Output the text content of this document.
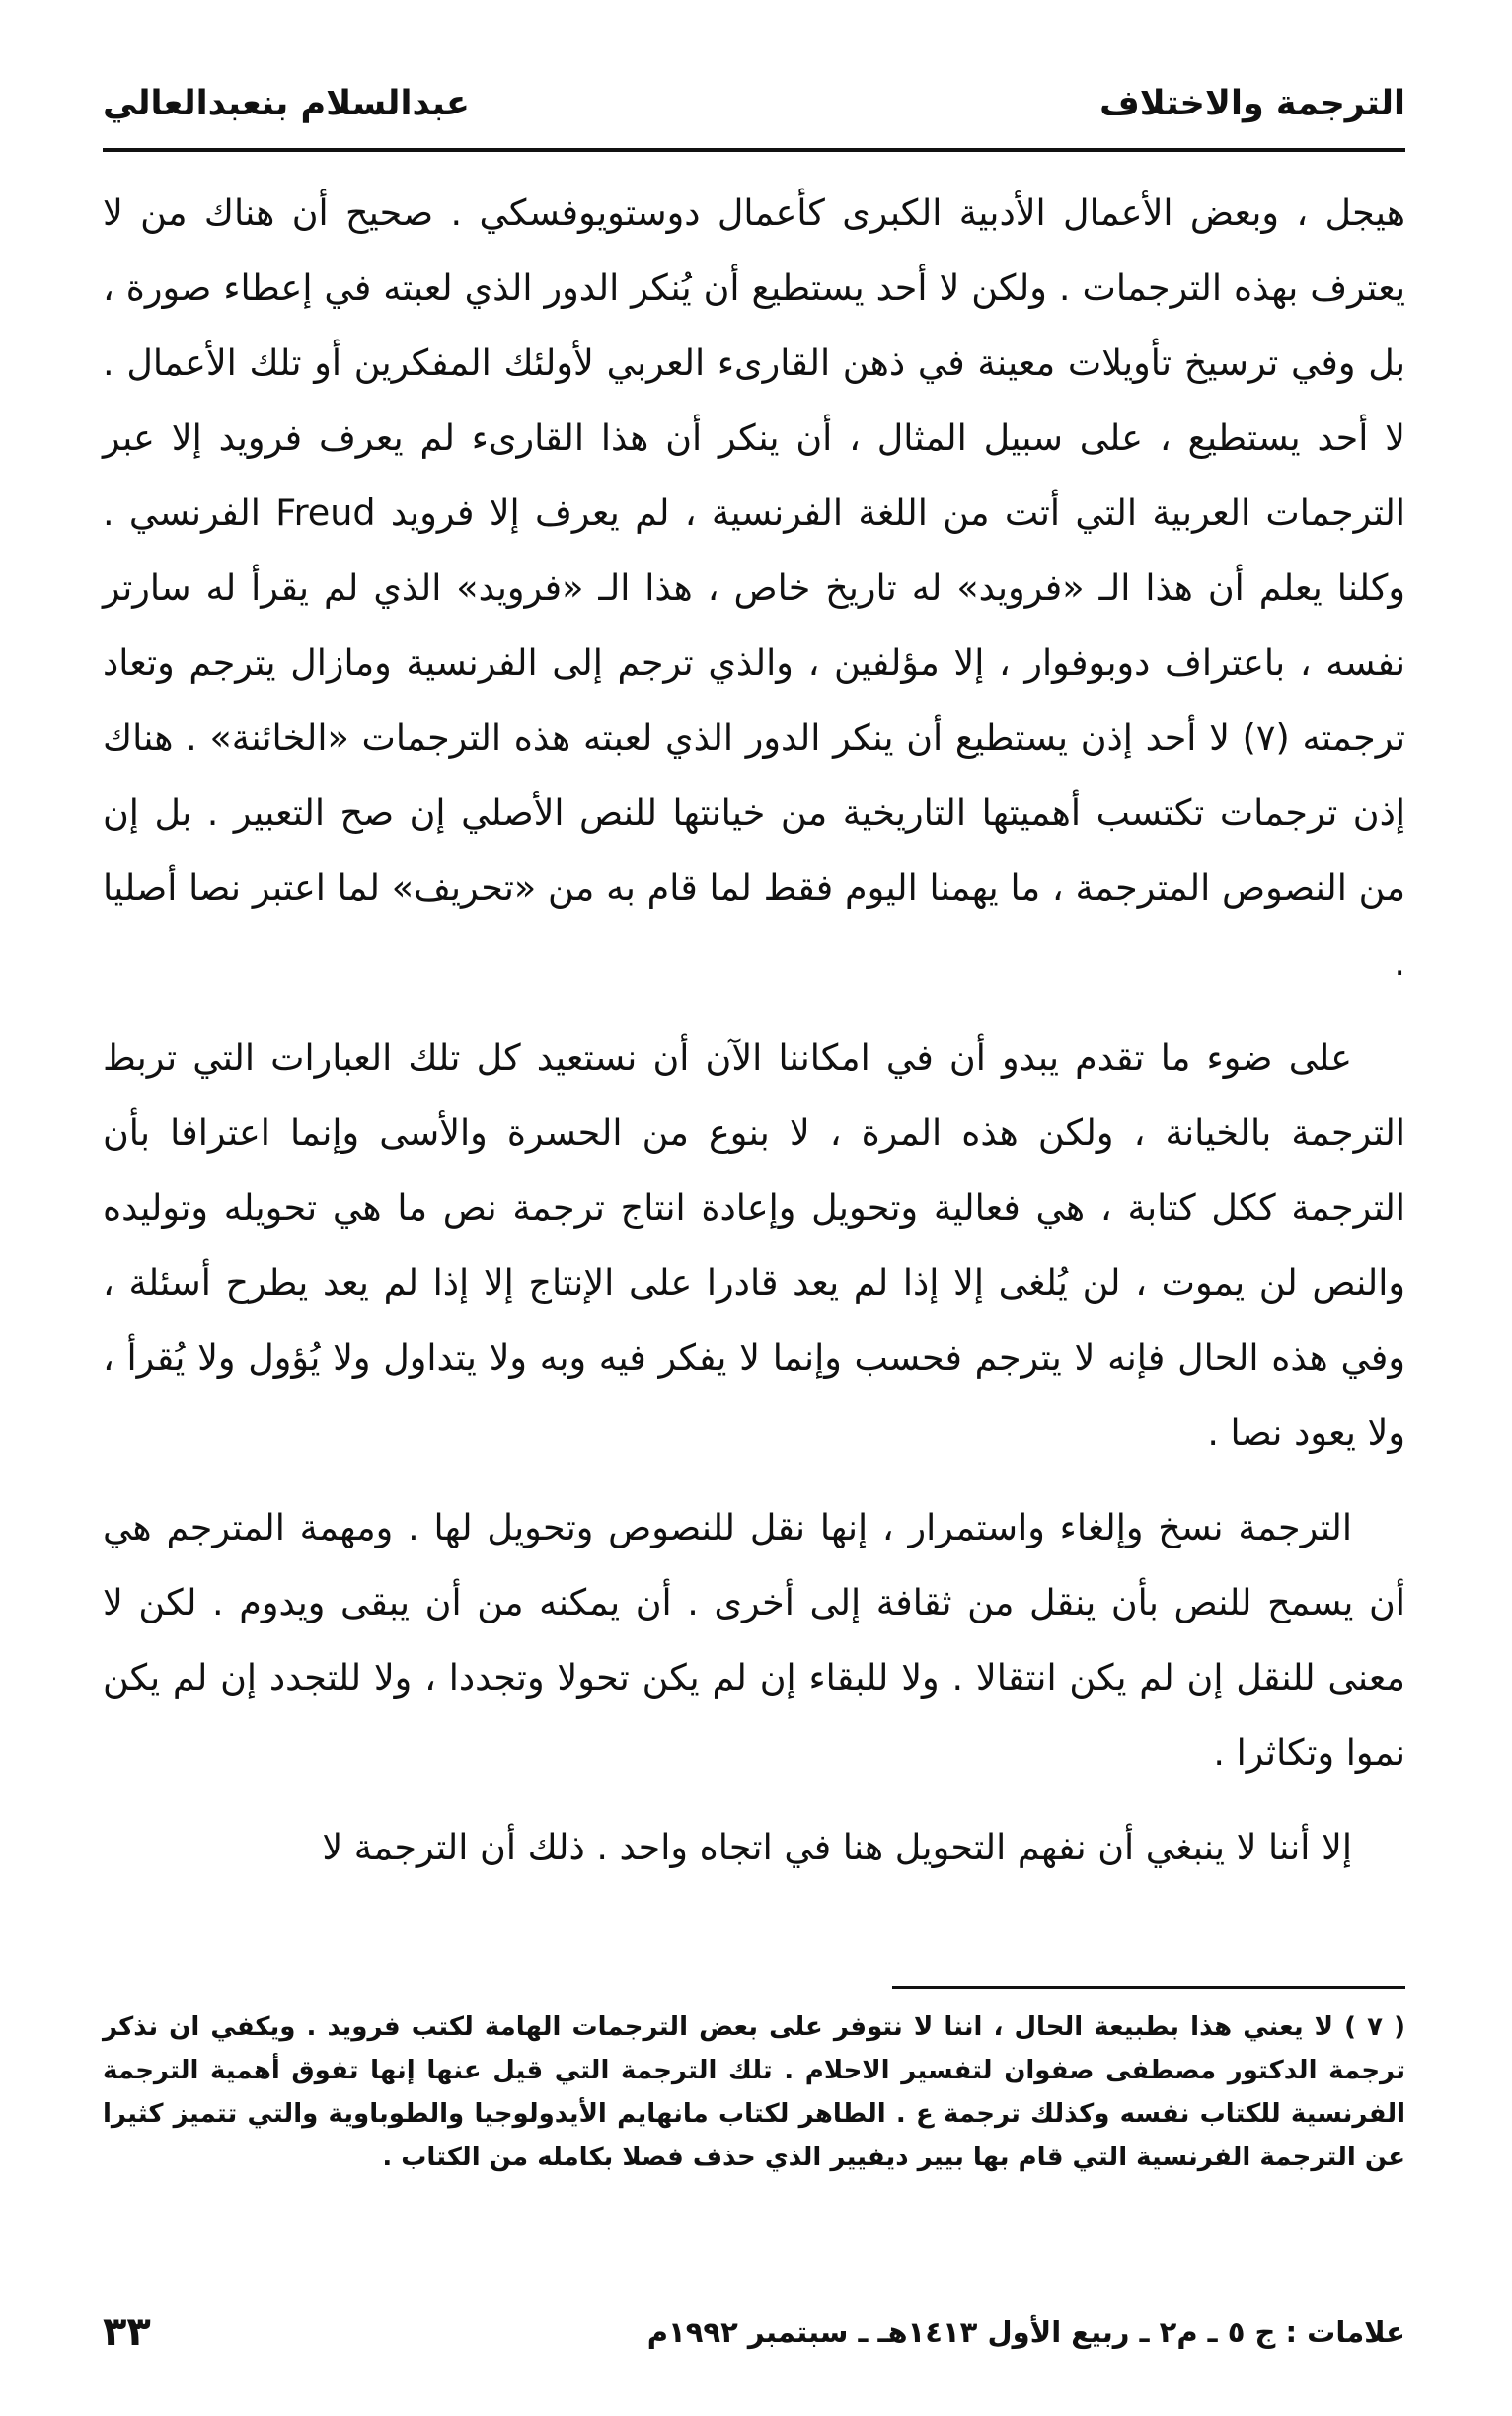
الترجمة والاختلاف
عبدالسلام بنعبدالعالي

هيجل ، وبعض الأعمال الأدبية الكبرى كأعمال دوستويوفسكي . صحيح أن هناك من لا يعترف بهذه الترجمات . ولكن لا أحد يستطيع أن يُنكر الدور الذي لعبته في إعطاء صورة ، بل وفي ترسيخ تأويلات معينة في ذهن القارىء العربي لأولئك المفكرين أو تلك الأعمال . لا أحد يستطيع ، على سبيل المثال ، أن ينكر أن هذا القارىء لم يعرف فرويد إلا عبر الترجمات العربية التي أتت من اللغة الفرنسية ، لم يعرف إلا فرويد Freud الفرنسي . وكلنا يعلم أن هذا الـ «فرويد» له تاريخ خاص ، هذا الـ «فرويد» الذي لم يقرأ له سارتر نفسه ، باعتراف دوبوفوار ، إلا مؤلفين ، والذي ترجم إلى الفرنسية ومازال يترجم وتعاد ترجمته (٧) لا أحد إذن يستطيع أن ينكر الدور الذي لعبته هذه الترجمات «الخائنة» . هناك إذن ترجمات تكتسب أهميتها التاريخية من خيانتها للنص الأصلي إن صح التعبير . بل إن من النصوص المترجمة ، ما يهمنا اليوم فقط لما قام به من «تحريف» لما اعتبر نصا أصليا .

على ضوء ما تقدم يبدو أن في امكاننا الآن أن نستعيد كل تلك العبارات التي تربط الترجمة بالخيانة ، ولكن هذه المرة ، لا بنوع من الحسرة والأسى وإنما اعترافا بأن الترجمة ككل كتابة ، هي فعالية وتحويل وإعادة انتاج ترجمة نص ما هي تحويله وتوليده والنص لن يموت ، لن يُلغى إلا إذا لم يعد قادرا على الإنتاج إلا إذا لم يعد يطرح أسئلة ، وفي هذه الحال فإنه لا يترجم فحسب وإنما لا يفكر فيه وبه ولا يتداول ولا يُؤول ولا يُقرأ ، ولا يعود نصا .

الترجمة نسخ وإلغاء واستمرار ، إنها نقل للنصوص وتحويل لها . ومهمة المترجم هي أن يسمح للنص بأن ينقل من ثقافة إلى أخرى . أن يمكنه من أن يبقى ويدوم . لكن لا معنى للنقل إن لم يكن انتقالا . ولا للبقاء إن لم يكن تحولا وتجددا ، ولا للتجدد إن لم يكن نموا وتكاثرا .

إلا أننا لا ينبغي أن نفهم التحويل هنا في اتجاه واحد . ذلك أن الترجمة لا

( ٧ ) لا يعني هذا بطبيعة الحال ، اننا لا نتوفر على بعض الترجمات الهامة لكتب فرويد . ويكفي ان نذكر ترجمة الدكتور مصطفى صفوان لتفسير الاحلام . تلك الترجمة التي قيل عنها إنها تفوق أهمية الترجمة الفرنسية للكتاب نفسه وكذلك ترجمة ع . الطاهر لكتاب مانهايم الأيدولوجيا والطوباوية والتي تتميز كثيرا عن الترجمة الفرنسية التي قام بها بيير ديفيير الذي حذف فصلا بكامله من الكتاب .
علامات : ج ٥ ـ م٢ ـ ربيع الأول ١٤١٣هـ ـ سبتمبر ١٩٩٢م
٣٣
